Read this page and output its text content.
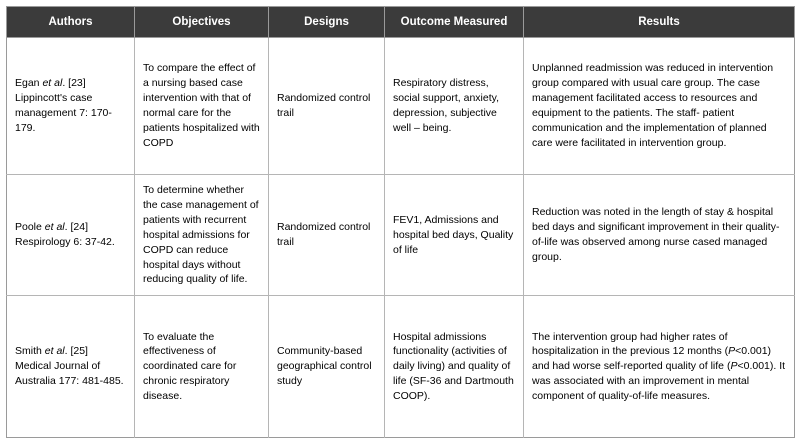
Authors	Objectives	Designs	Outcome Measured	Results
Egan et al. [23] Lippincott's case management 7: 170-179.	To compare the effect of a nursing based case intervention with that of normal care for the patients hospitalized with COPD	Randomized control trail	Respiratory distress, social support, anxiety, depression, subjective well – being.	Unplanned readmission was reduced in intervention group compared with usual care group. The case management facilitated access to resources and equipment to the patients. The staff- patient communication and the implementation of planned care were facilitated in intervention group.
Poole et al. [24] Respirology 6: 37-42.	To determine whether the case management of patients with recurrent hospital admissions for COPD can reduce hospital days without reducing quality of life.	Randomized control trail	FEV1, Admissions and hospital bed days, Quality of life	Reduction was noted in the length of stay & hospital bed days and significant improvement in their quality-of-life was observed among nurse cased managed group.
Smith et al. [25] Medical Journal of Australia 177: 481-485.	To evaluate the effectiveness of coordinated care for chronic respiratory disease.	Community-based geographical control study	Hospital admissions functionality (activities of daily living) and quality of life (SF-36 and Dartmouth COOP).	The intervention group had higher rates of hospitalization in the previous 12 months (P<0.001) and had worse self-reported quality of life (P<0.001). It was associated with an improvement in mental component of quality-of-life measures.
